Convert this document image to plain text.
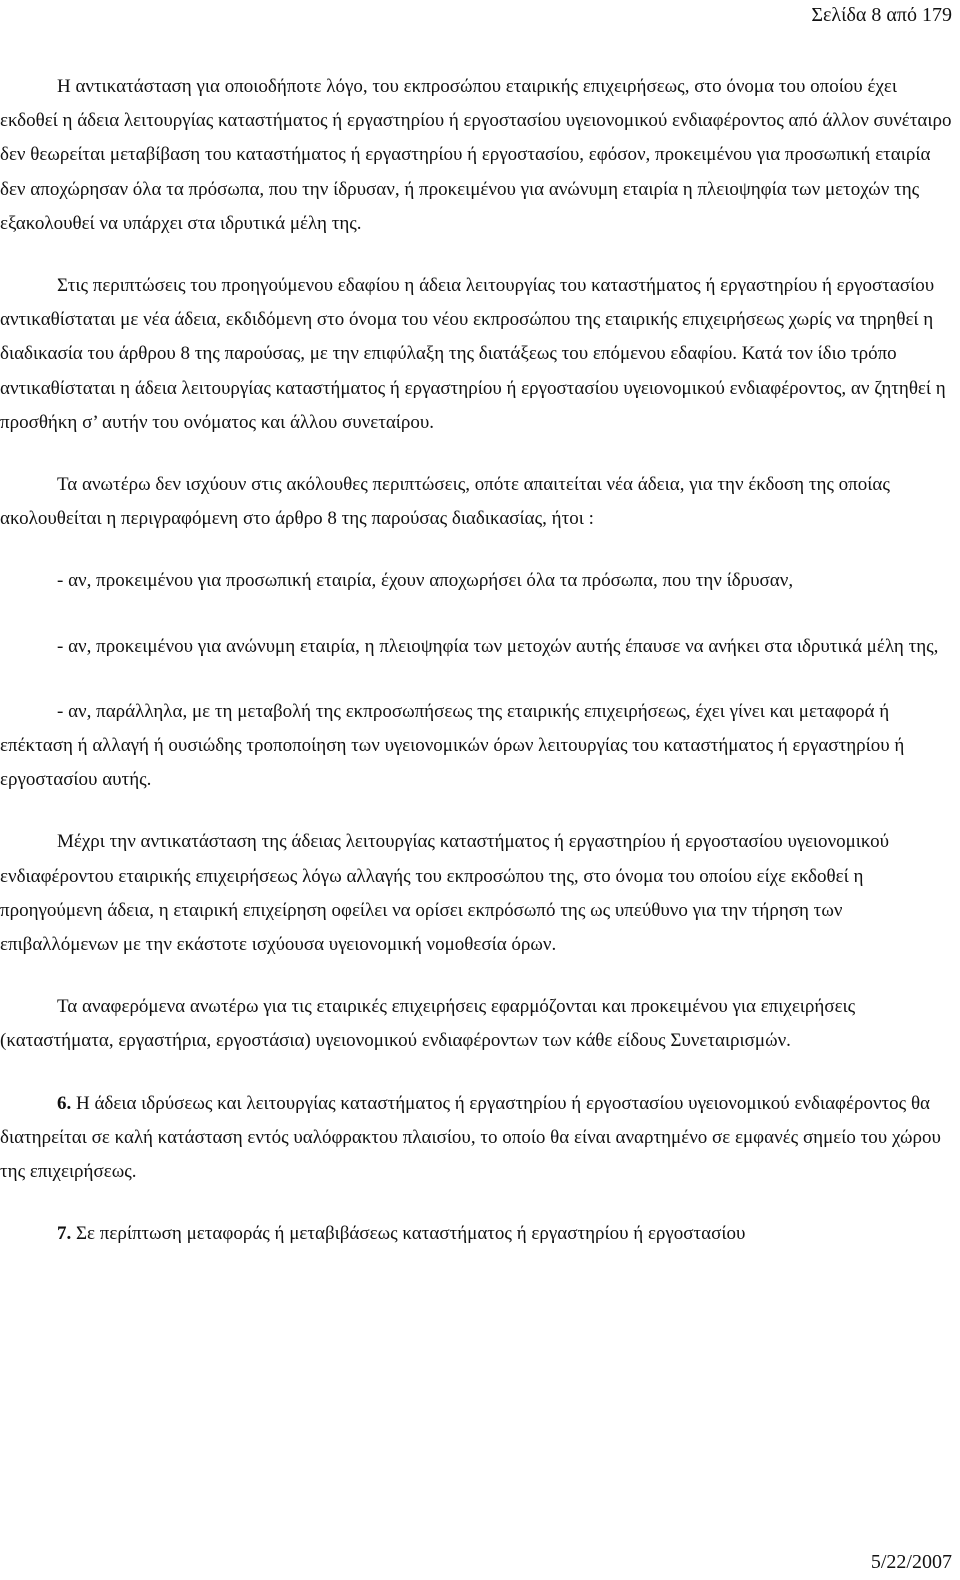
Σελίδα 8 από 179

Η αντικατάσταση για οποιοδήποτε λόγο, του εκπροσώπου εταιρικής επιχειρήσεως, στο όνομα του οποίου έχει εκδοθεί η άδεια λειτουργίας καταστήματος ή εργαστηρίου ή εργοστασίου υγειονομικού ενδιαφέροντος από άλλον συνέταιρο δεν θεωρείται μεταβίβαση του καταστήματος ή εργαστηρίου ή εργοστασίου, εφόσον, προκειμένου για προσωπική εταιρία δεν αποχώρησαν όλα τα πρόσωπα, που την ίδρυσαν, ή προκειμένου για ανώνυμη εταιρία η πλειοψηφία των μετοχών της εξακολουθεί να υπάρχει στα ιδρυτικά μέλη της.

Στις περιπτώσεις του προηγούμενου εδαφίου η άδεια λειτουργίας του καταστήματος ή εργαστηρίου ή εργοστασίου αντικαθίσταται με νέα άδεια, εκδιδόμενη στο όνομα του νέου εκπροσώπου της εταιρικής επιχειρήσεως χωρίς να τηρηθεί η διαδικασία του άρθρου 8 της παρούσας, με την επιφύλαξη της διατάξεως του επόμενου εδαφίου. Κατά τον ίδιο τρόπο αντικαθίσταται η άδεια λειτουργίας καταστήματος ή εργαστηρίου ή εργοστασίου υγειονομικού ενδιαφέροντος, αν ζητηθεί η προσθήκη σ’ αυτήν του ονόματος και άλλου συνεταίρου.

Τα ανωτέρω δεν ισχύουν στις ακόλουθες περιπτώσεις, οπότε απαιτείται νέα άδεια, για την έκδοση της οποίας ακολουθείται η περιγραφόμενη στο άρθρο 8 της παρούσας διαδικασίας, ήτοι :

- αν, προκειμένου για προσωπική εταιρία, έχουν αποχωρήσει όλα τα πρόσωπα, που την ίδρυσαν,

- αν, προκειμένου για ανώνυμη εταιρία, η πλειοψηφία των μετοχών αυτής έπαυσε να ανήκει στα ιδρυτικά μέλη της,

- αν, παράλληλα, με τη μεταβολή της εκπροσωπήσεως της εταιρικής επιχειρήσεως, έχει γίνει και μεταφορά ή επέκταση ή αλλαγή ή ουσιώδης τροποποίηση των υγειονομικών όρων λειτουργίας του καταστήματος ή εργαστηρίου ή εργοστασίου αυτής.

Μέχρι την αντικατάσταση της άδειας λειτουργίας καταστήματος ή εργαστηρίου ή εργοστασίου υγειονομικού ενδιαφέροντου εταιρικής επιχειρήσεως λόγω αλλαγής του εκπροσώπου της, στο όνομα του οποίου είχε εκδοθεί η προηγούμενη άδεια, η εταιρική επιχείρηση οφείλει να ορίσει εκπρόσωπό της ως υπεύθυνο για την τήρηση των επιβαλλόμενων με την εκάστοτε ισχύουσα υγειονομική νομοθεσία όρων.

Τα αναφερόμενα ανωτέρω για τις εταιρικές επιχειρήσεις εφαρμόζονται και προκειμένου για επιχειρήσεις (καταστήματα, εργαστήρια, εργοστάσια) υγειονομικού ενδιαφέροντων των κάθε είδους Συνεταιρισμών.

6. Η άδεια ιδρύσεως και λειτουργίας καταστήματος ή εργαστηρίου ή εργοστασίου υγειονομικού ενδιαφέροντος θα διατηρείται σε καλή κατάσταση εντός υαλόφρακτου πλαισίου, το οποίο θα είναι αναρτημένο σε εμφανές σημείο του χώρου της επιχειρήσεως.

7. Σε περίπτωση μεταφοράς ή μεταβιβάσεως καταστήματος ή εργαστηρίου ή εργοστασίου

5/22/2007
